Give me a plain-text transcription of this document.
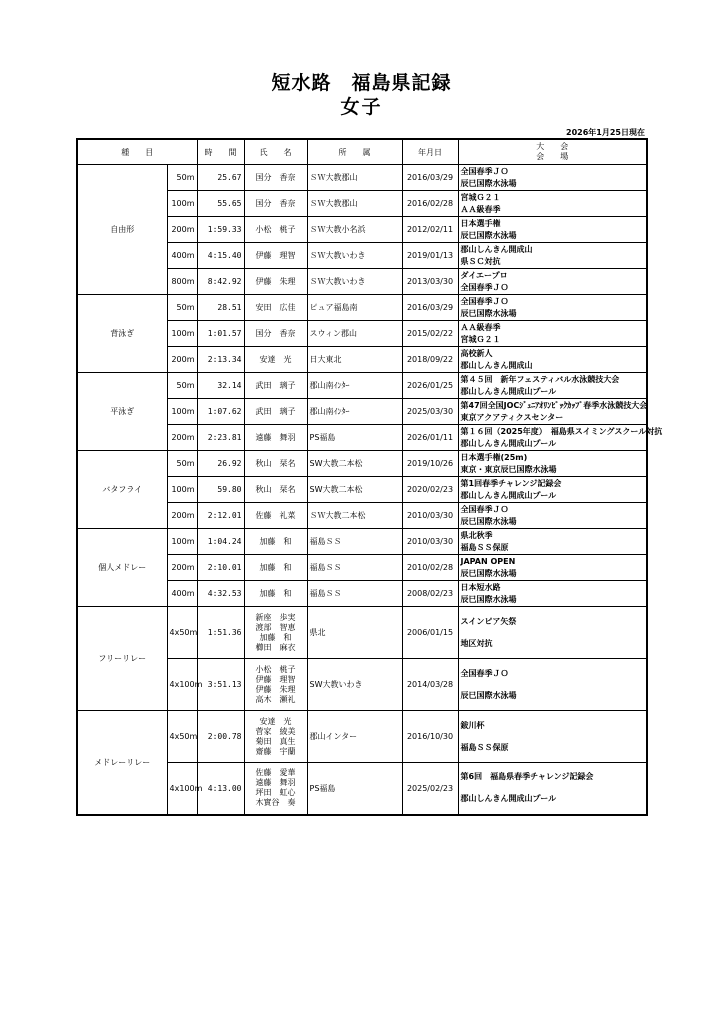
短水路　福島県記録
女子
2026年1月25日現在
種　　目		時　　間	氏　　名	所　　属	年月日	大　　会
会　　場

自由形	50m	25.67	国分　香奈	ＳＷ大教郡山	2016/03/29	全国春季ＪＯ
辰巳国際水泳場

	100m	55.65	国分　香奈	ＳＷ大教郡山	2016/02/28	宮城Ｇ２１
ＡＡ級春季

	200m	1:59.33	小松　桃子	ＳＷ大教小名浜	2012/02/11	日本選手権
辰巳国際水泳場

	400m	4:15.40	伊藤　理智	ＳＷ大教いわき	2019/01/13	郡山しんきん開成山
県ＳＣ対抗

	800m	8:42.92	伊藤　朱理	ＳＷ大教いわき	2013/03/30	ダイエープロ
全国春季ＪＯ

背泳ぎ	50m	28.51	安田　広佳	ピュア福島南	2016/03/29	全国春季ＪＯ
辰巳国際水泳場

	100m	1:01.57	国分　香奈	スウィン郡山	2015/02/22	ＡＡ級春季
宮城Ｇ２１

	200m	2:13.34	安達　光	日大東北	2018/09/22	高校新人
郡山しんきん開成山

平泳ぎ	50m	32.14	武田　璃子	郡山南ｲﾝﾀｰ	2026/01/25	第４５回　新年フェスティバル水泳競技大会
郡山しんきん開成山プール

	100m	1:07.62	武田　璃子	郡山南ｲﾝﾀｰ	2025/03/30	第47回全国JOCｼﾞｭﾆｱｵﾘﾝﾋﾟｯｸｶｯﾌﾟ春季水泳競技大会
東京アクアティクスセンター

	200m	2:23.81	遠藤　舞羽	PS福島	2026/01/11	第１６回（2025年度）　福島県スイミングスクール対抗
郡山しんきん開成山プール

バタフライ	50m	26.92	秋山　栞名	SW大教二本松	2019/10/26	日本選手権(25m)
東京・東京辰巳国際水泳場

	100m	59.80	秋山　栞名	SW大教二本松	2020/02/23	第1回春季チャレンジ記録会
郡山しんきん開成山プール

	200m	2:12.01	佐藤　礼菜	ＳＷ大教二本松	2010/03/30	全国春季ＪＯ
辰巳国際水泳場

個人メドレー	100m	1:04.24	加藤　和	福島ＳＳ	2010/03/30	県北秋季
福島ＳＳ保原

	200m	2:10.01	加藤　和	福島ＳＳ	2010/02/28	JAPAN OPEN
辰巳国際水泳場

	400m	4:32.53	加藤　和	福島ＳＳ	2008/02/23	日本短水路
辰巳国際水泳場

フリーリレー	4x50m	1:51.36	新座　歩実
渡部　智恵
加藤　和
櫛田　麻衣	県北	2006/01/15	スインピア矢祭
地区対抗

	4x100m	3:51.13	小松　桃子
伊藤　理智
伊藤　朱理
高木　瀬礼	SW大教いわき	2014/03/28	全国春季ＪＯ
辰巳国際水泳場

メドレーリレー	4x50m	2:00.78	安達　光
菅家　綾美
菊田　真生
齋藤　宇蘭	郡山インター	2016/10/30	鈸川杯
福島ＳＳ保原

	4x100m	4:13.00	佐藤　愛華
遠藤　舞羽
坪田　虹心
木實谷　奏	PS福島	2025/02/23	第6回　福島県春季チャレンジ記録会
郡山しんきん開成山プール
